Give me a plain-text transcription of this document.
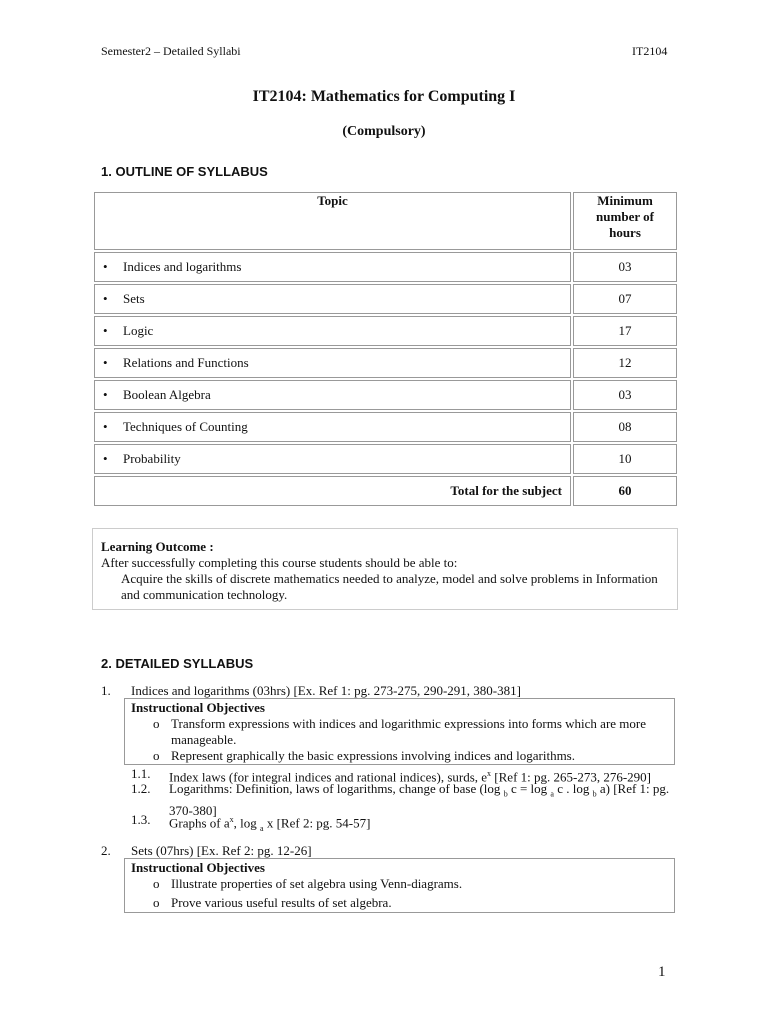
Semester2 – Detailed Syllabi	IT2104
IT2104: Mathematics for Computing I
(Compulsory)
1. OUTLINE OF SYLLABUS
Topic	Minimum number of hours
• Indices and logarithms	03
• Sets	07
• Logic	17
• Relations and Functions	12
• Boolean Algebra	03
• Techniques of Counting	08
• Probability	10
Total for the subject	60
Learning Outcome :
After successfully completing this course students should be able to:
Acquire the skills of discrete mathematics needed to analyze, model and solve problems in Information and communication technology.
2. DETAILED SYLLABUS
1. Indices and logarithms (03hrs) [Ex. Ref 1: pg. 273-275, 290-291, 380-381]
Instructional Objectives
o Transform expressions with indices and logarithmic expressions into forms which are more manageable.
o Represent graphically the basic expressions involving indices and logarithms.
1.1. Index laws (for integral indices and rational indices), surds, $e^x$ [Ref 1: pg. 265-273, 276-290]
1.2. Logarithms: Definition, laws of logarithms, change of base (log $_b$ c = log $_a$ c . log $_b$ a) [Ref 1: pg. 370-380]
1.3. Graphs of $a^x$, log $_a$ x [Ref 2: pg. 54-57]
2. Sets (07hrs) [Ex. Ref 2: pg. 12-26]
Instructional Objectives
o Illustrate properties of set algebra using Venn-diagrams.
o Prove various useful results of set algebra.
1
